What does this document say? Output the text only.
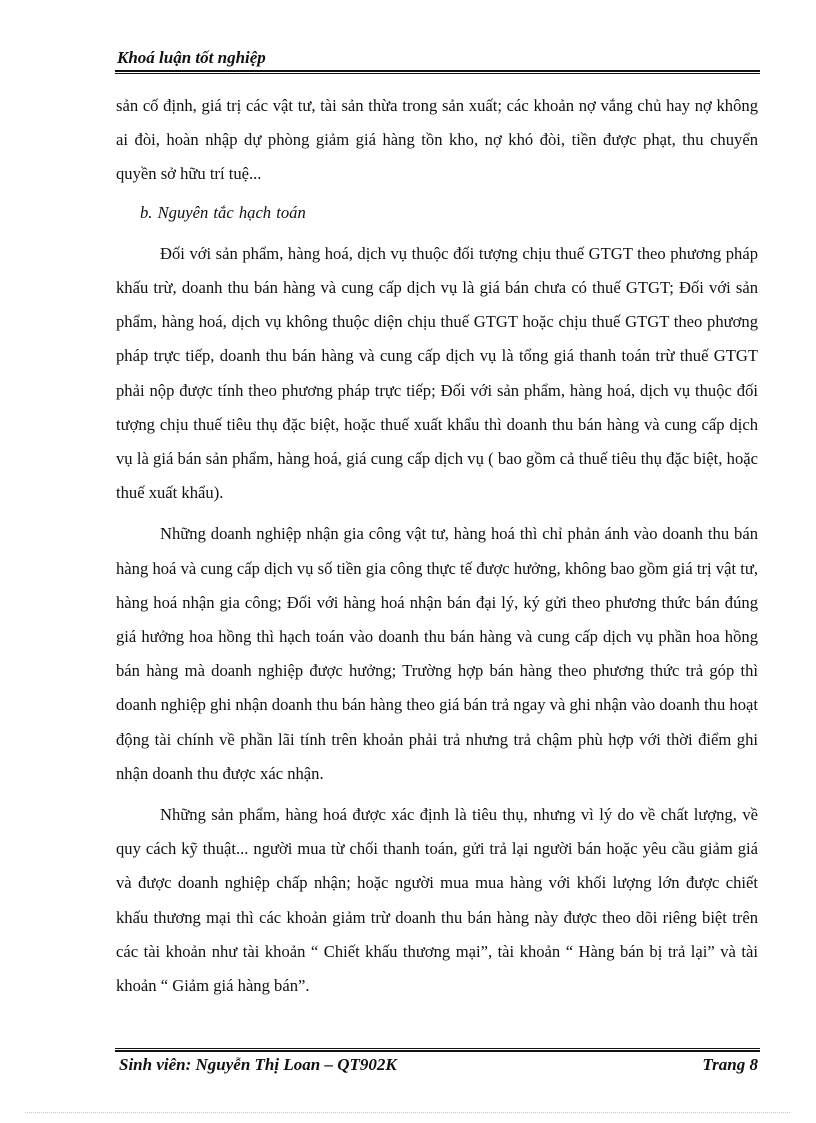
Khoá luận tốt nghiệp

sản cố định, giá trị các vật tư, tài sản thừa trong sản xuất; các khoản nợ vắng chủ hay nợ không ai đòi, hoàn nhập dự phòng giảm giá hàng tồn kho, nợ khó đòi, tiền được phạt, thu chuyển quyền sở hữu trí tuệ...

b. Nguyên tắc hạch toán

Đối với sản phẩm, hàng hoá, dịch vụ thuộc đối tượng chịu thuế GTGT theo phương pháp khấu trừ, doanh thu bán hàng và cung cấp dịch vụ là giá bán chưa có thuế GTGT; Đối với sản phẩm, hàng hoá, dịch vụ không thuộc diện chịu thuế GTGT hoặc chịu thuế GTGT theo phương pháp trực tiếp, doanh thu bán hàng và cung cấp dịch vụ là tổng giá thanh toán trừ thuế GTGT phải nộp được tính theo phương pháp trực tiếp; Đối với sản phẩm, hàng hoá, dịch vụ thuộc đối tượng chịu thuế tiêu thụ đặc biệt, hoặc thuế xuất khẩu thì doanh thu bán hàng và cung cấp dịch vụ là giá bán sản phẩm, hàng hoá, giá cung cấp dịch vụ ( bao gồm cả thuế tiêu thụ đặc biệt, hoặc thuế xuất khẩu).

Những doanh nghiệp nhận gia công vật tư, hàng hoá thì chỉ phản ánh vào doanh thu bán hàng hoá và cung cấp dịch vụ số tiền gia công thực tế được hưởng, không bao gồm giá trị vật tư, hàng hoá nhận gia công; Đối với hàng hoá nhận bán đại lý, ký gửi theo phương thức bán đúng giá hưởng hoa hồng thì hạch toán vào doanh thu bán hàng và cung cấp dịch vụ phần hoa hồng bán hàng mà doanh nghiệp được hưởng; Trường hợp bán hàng theo phương thức trả góp thì doanh nghiệp ghi nhận doanh thu bán hàng theo giá bán trả ngay và ghi nhận vào doanh thu hoạt động tài chính về phần lãi tính trên khoản phải trả nhưng trả chậm phù hợp với thời điểm ghi nhận doanh thu được xác nhận.

Những sản phẩm, hàng hoá được xác định là tiêu thụ, nhưng vì lý do về chất lượng, về quy cách kỹ thuật... người mua từ chối thanh toán, gửi trả lại người bán hoặc yêu cầu giảm giá và được doanh nghiệp chấp nhận; hoặc người mua mua hàng với khối lượng lớn được chiết khấu thương mại thì các khoản giảm trừ doanh thu bán hàng này được theo dõi riêng biệt trên các tài khoản như tài khoản “ Chiết khấu thương mại”, tài khoản “ Hàng bán bị trả lại” và tài khoản “ Giảm giá hàng bán”.

Sinh viên: Nguyễn Thị Loan – QT902K	Trang 8
